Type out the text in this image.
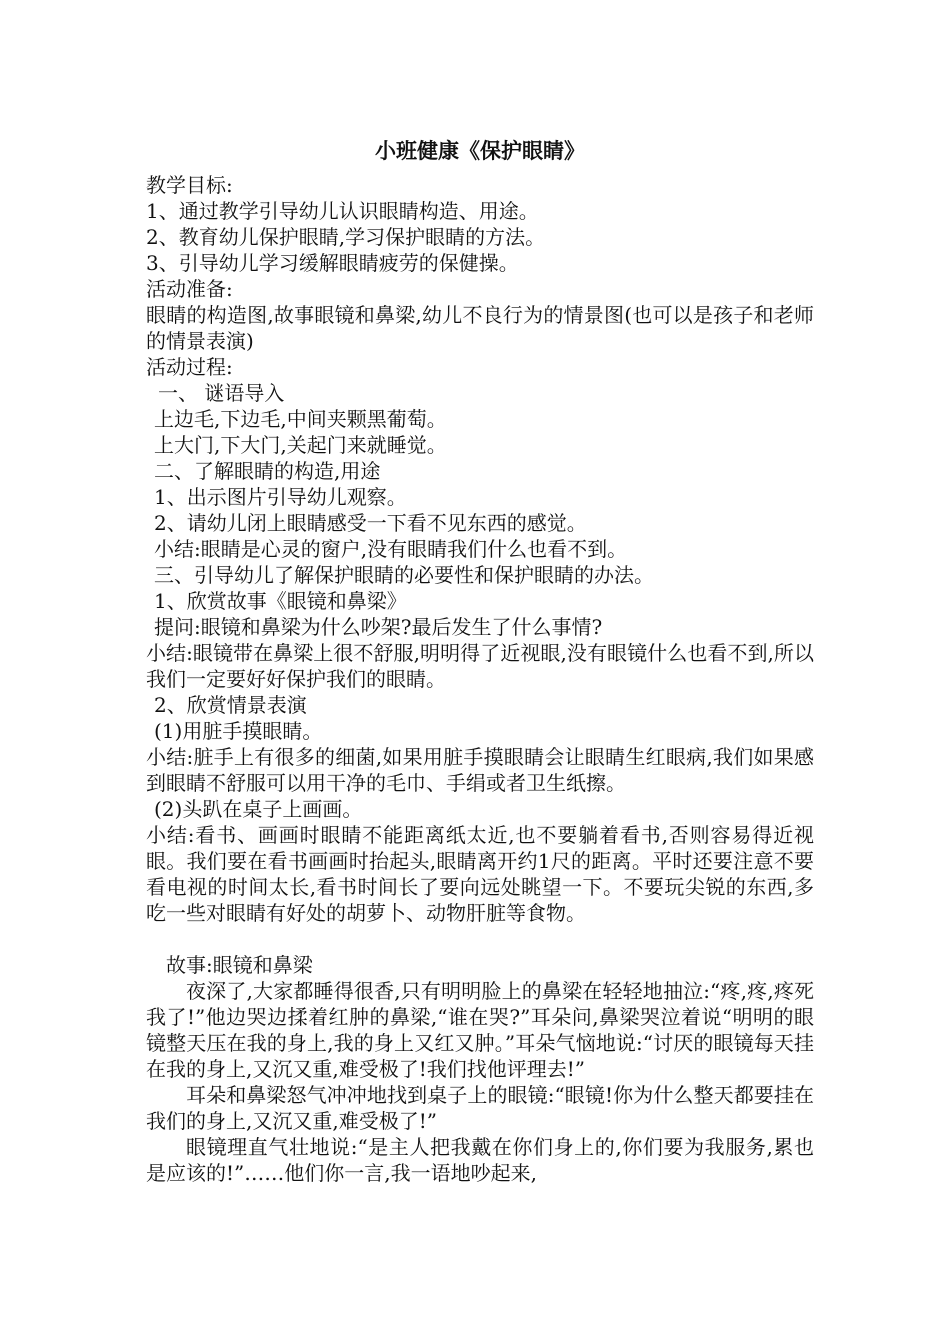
小班健康《保护眼睛》

教学目标:

1、通过教学引导幼儿认识眼睛构造、用途。

2、教育幼儿保护眼睛,学习保护眼睛的方法。

3、引导幼儿学习缓解眼睛疲劳的保健操。

活动准备:

眼睛的构造图,故事眼镜和鼻梁,幼儿不良行为的情景图(也可以是孩子和老师的情景表演)

活动过程:

一、 谜语导入

上边毛,下边毛,中间夹颗黑葡萄。

上大门,下大门,关起门来就睡觉。

二、了解眼睛的构造,用途

1、出示图片引导幼儿观察。

2、请幼儿闭上眼睛感受一下看不见东西的感觉。

小结:眼睛是心灵的窗户,没有眼睛我们什么也看不到。

三、引导幼儿了解保护眼睛的必要性和保护眼睛的办法。

1、欣赏故事《眼镜和鼻梁》

提问:眼镜和鼻梁为什么吵架?最后发生了什么事情?

小结:眼镜带在鼻梁上很不舒服,明明得了近视眼,没有眼镜什么也看不到,所以我们一定要好好保护我们的眼睛。

2、欣赏情景表演

(1)用脏手摸眼睛。

小结:脏手上有很多的细菌,如果用脏手摸眼睛会让眼睛生红眼病,我们如果感到眼睛不舒服可以用干净的毛巾、手绢或者卫生纸擦。

(2)头趴在桌子上画画。

小结:看书、画画时眼睛不能距离纸太近,也不要躺着看书,否则容易得近视眼。我们要在看书画画时抬起头,眼睛离开约1尺的距离。平时还要注意不要看电视的时间太长,看书时间长了要向远处眺望一下。不要玩尖锐的东西,多吃一些对眼睛有好处的胡萝卜、动物肝脏等食物。

故事:眼镜和鼻梁

夜深了,大家都睡得很香,只有明明脸上的鼻梁在轻轻地抽泣:“疼,疼,疼死我了!”他边哭边揉着红肿的鼻梁,“谁在哭?”耳朵问,鼻梁哭泣着说“明明的眼镜整天压在我的身上,我的身上又红又肿。”耳朵气恼地说:“讨厌的眼镜每天挂在我的身上,又沉又重,难受极了!我们找他评理去!”

耳朵和鼻梁怒气冲冲地找到桌子上的眼镜:“眼镜!你为什么整天都要挂在我们的身上,又沉又重,难受极了!”

眼镜理直气壮地说:“是主人把我戴在你们身上的,你们要为我服务,累也是应该的!”……他们你一言,我一语地吵起来,
